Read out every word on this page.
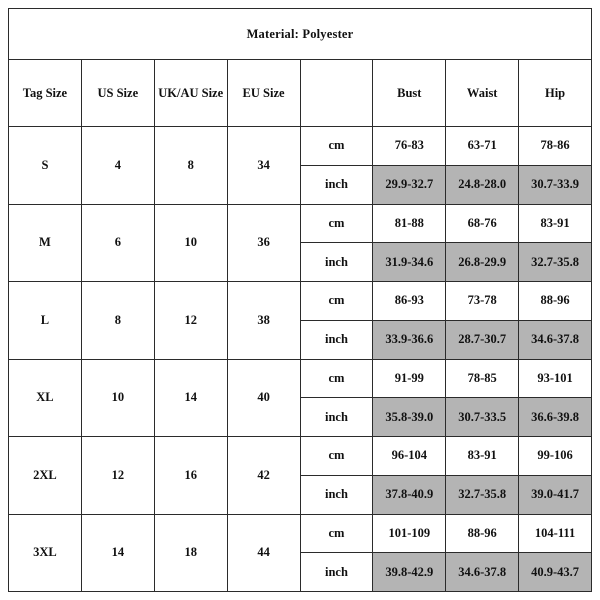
Material: Polyester							
Tag Size	US Size	UK/AU Size	EU Size		Bust	Waist	Hip
S	4	8	34	cm	76-83	63-71	78-86
				inch	29.9-32.7	24.8-28.0	30.7-33.9
M	6	10	36	cm	81-88	68-76	83-91
				inch	31.9-34.6	26.8-29.9	32.7-35.8
L	8	12	38	cm	86-93	73-78	88-96
				inch	33.9-36.6	28.7-30.7	34.6-37.8
XL	10	14	40	cm	91-99	78-85	93-101
				inch	35.8-39.0	30.7-33.5	36.6-39.8
2XL	12	16	42	cm	96-104	83-91	99-106
				inch	37.8-40.9	32.7-35.8	39.0-41.7
3XL	14	18	44	cm	101-109	88-96	104-111
				inch	39.8-42.9	34.6-37.8	40.9-43.7
